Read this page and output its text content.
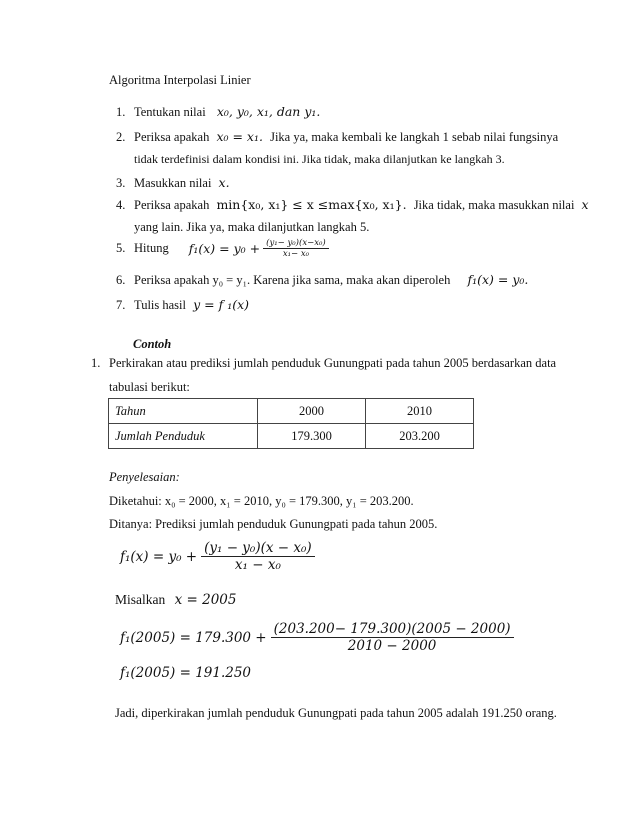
Algoritma Interpolasi Linier
1. Tentukan nilai x₀, y₀, x₁, dan y₁.
2. Periksa apakah x₀ = x₁. Jika ya, maka kembali ke langkah 1 sebab nilai fungsinya
tidak terdefinisi dalam kondisi ini. Jika tidak, maka dilanjutkan ke langkah 3.
3. Masukkan nilai x.
4. Periksa apakah min{x₀, x₁} ≤ x ≤max{x₀, x₁}. Jika tidak, maka masukkan nilai x
yang lain. Jika ya, maka dilanjutkan langkah 5.
5. Hitung $f_1(x) = y_0 + \frac{\text{(y₁− y₀)(x−x₀)}}{\text{x₁− x₀}}$
6. Periksa apakah y₀ = y₁. Karena jika sama, maka akan diperoleh f₁(x) = y₀.
7. Tulis hasil y = f ₁(x)
Contoh
1. Perkirakan atau prediksi jumlah penduduk Gunungpati pada tahun 2005 berdasarkan data
tabulasi berikut:
Tahun	2000	2010
Jumlah Penduduk	179.300	203.200
Penyelesaian:
Diketahui: x₀ = 2000, x₁ = 2010, y₀ = 179.300, y₁ = 203.200.
Ditanya: Prediksi jumlah penduduk Gunungpati pada tahun 2005.
$f_1(x) = y_0 + \frac{\text{(y₁ − y₀)(x − x₀)}}{\text{x₁ − x₀}}$
Misalkan x = 2005
$f_1(2005) = 179.300 + \frac{(203.200- 179.300)(2005 - 2000)}{2010 - 2000}$
f₁(2005) = 191.250
Jadi, diperkirakan jumlah penduduk Gunungpati pada tahun 2005 adalah 191.250 orang.
